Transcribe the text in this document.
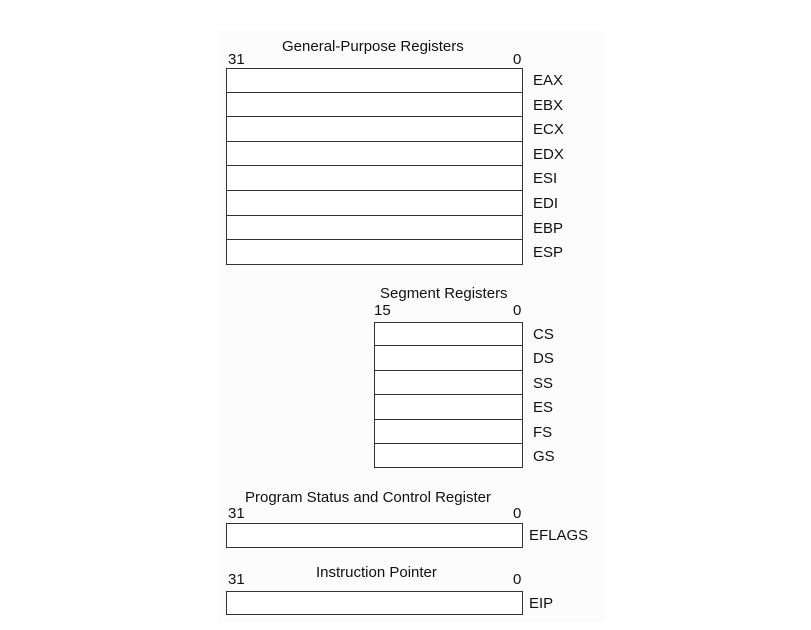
General-Purpose Registers
31	0
EAX
EBX
ECX
EDX
ESI
EDI
EBP
ESP
Segment Registers
15	0
CS
DS
SS
ES
FS
GS
Program Status and Control Register
31	0
EFLAGS
Instruction Pointer
31	0
EIP
